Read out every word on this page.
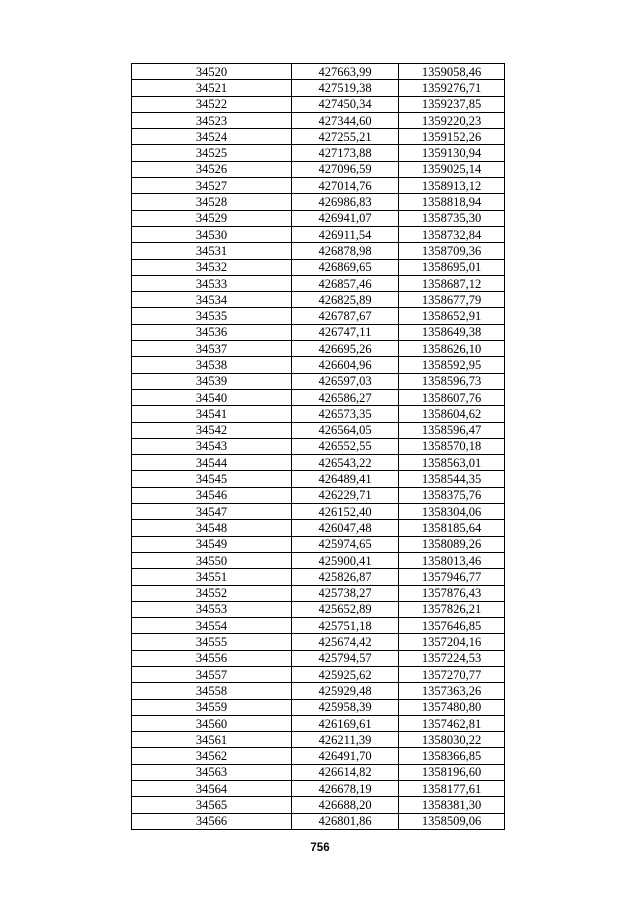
34520	427663,99	1359058,46
34521	427519,38	1359276,71
34522	427450,34	1359237,85
34523	427344,60	1359220,23
34524	427255,21	1359152,26
34525	427173,88	1359130,94
34526	427096,59	1359025,14
34527	427014,76	1358913,12
34528	426986,83	1358818,94
34529	426941,07	1358735,30
34530	426911,54	1358732,84
34531	426878,98	1358709,36
34532	426869,65	1358695,01
34533	426857,46	1358687,12
34534	426825,89	1358677,79
34535	426787,67	1358652,91
34536	426747,11	1358649,38
34537	426695,26	1358626,10
34538	426604,96	1358592,95
34539	426597,03	1358596,73
34540	426586,27	1358607,76
34541	426573,35	1358604,62
34542	426564,05	1358596,47
34543	426552,55	1358570,18
34544	426543,22	1358563,01
34545	426489,41	1358544,35
34546	426229,71	1358375,76
34547	426152,40	1358304,06
34548	426047,48	1358185,64
34549	425974,65	1358089,26
34550	425900,41	1358013,46
34551	425826,87	1357946,77
34552	425738,27	1357876,43
34553	425652,89	1357826,21
34554	425751,18	1357646,85
34555	425674,42	1357204,16
34556	425794,57	1357224,53
34557	425925,62	1357270,77
34558	425929,48	1357363,26
34559	425958,39	1357480,80
34560	426169,61	1357462,81
34561	426211,39	1358030,22
34562	426491,70	1358366,85
34563	426614,82	1358196,60
34564	426678,19	1358177,61
34565	426688,20	1358381,30
34566	426801,86	1358509,06
756
